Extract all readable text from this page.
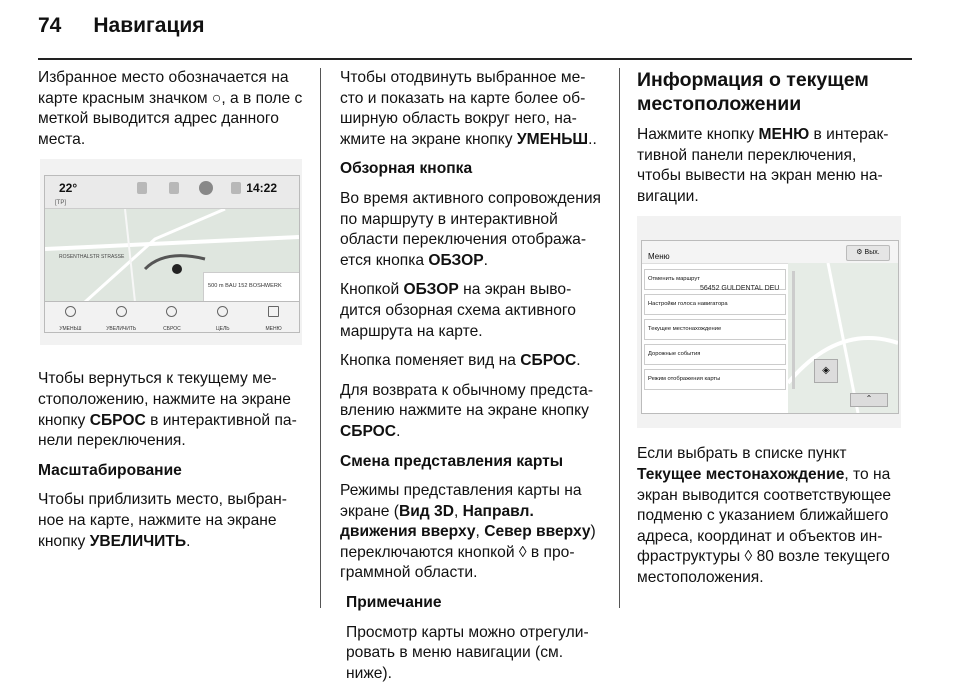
74 Навигация

Избранное место обозначается на карте красным значком ○, а в поле с меткой выводится адрес данного места.

22°
[TP]
14:22
ROSENTHALSTR STRASSE
500 m BAU 152 BOSHWERK
УМЕНЬШ	УВЕЛИЧИТЬ	СБРОС	ЦЕЛЬ	МЕНЮ

Чтобы вернуться к текущему местоположению, нажмите на экране кнопку СБРОС в интерактивной панели переключения.

Масштабирование

Чтобы приблизить место, выбранное на карте, нажмите на экране кнопку УВЕЛИЧИТЬ.

Чтобы отодвинуть выбранное место и показать на карте более обширную область вокруг него, нажмите на экране кнопку УМЕНЬШ..

Обзорная кнопка

Во время активного сопровождения по маршруту в интерактивной области переключения отображается кнопка ОБЗОР.

Кнопкой ОБЗОР на экран выводится обзорная схема активного маршрута на карте.

Кнопка поменяет вид на СБРОС.

Для возврата к обычному представлению нажмите на экране кнопку СБРОС.

Смена представления карты

Режимы представления карты на экране (Вид 3D, Направл. движения вверху, Север вверху) переключаются кнопкой ◊ в программной области.

Примечание

Просмотр карты можно отрегулировать в меню навигации (см. ниже).

Информация о текущем местоположении

Нажмите кнопку МЕНЮ в интерактивной панели переключения, чтобы вывести на экран меню навигации.

Меню	⚙ Вых.
Отменить маршрут
Настройки голоса навигатора
Текущее местонахождение
Дорожные события
Режим отображения карты
56452 GULDENTAL DEU
◈
⌃

Если выбрать в списке пункт Текущее местонахождение, то на экран выводится соответствующее подменю с указанием ближайшего адреса, координат и объектов инфраструктуры ◊ 80 возле текущего местоположения.
